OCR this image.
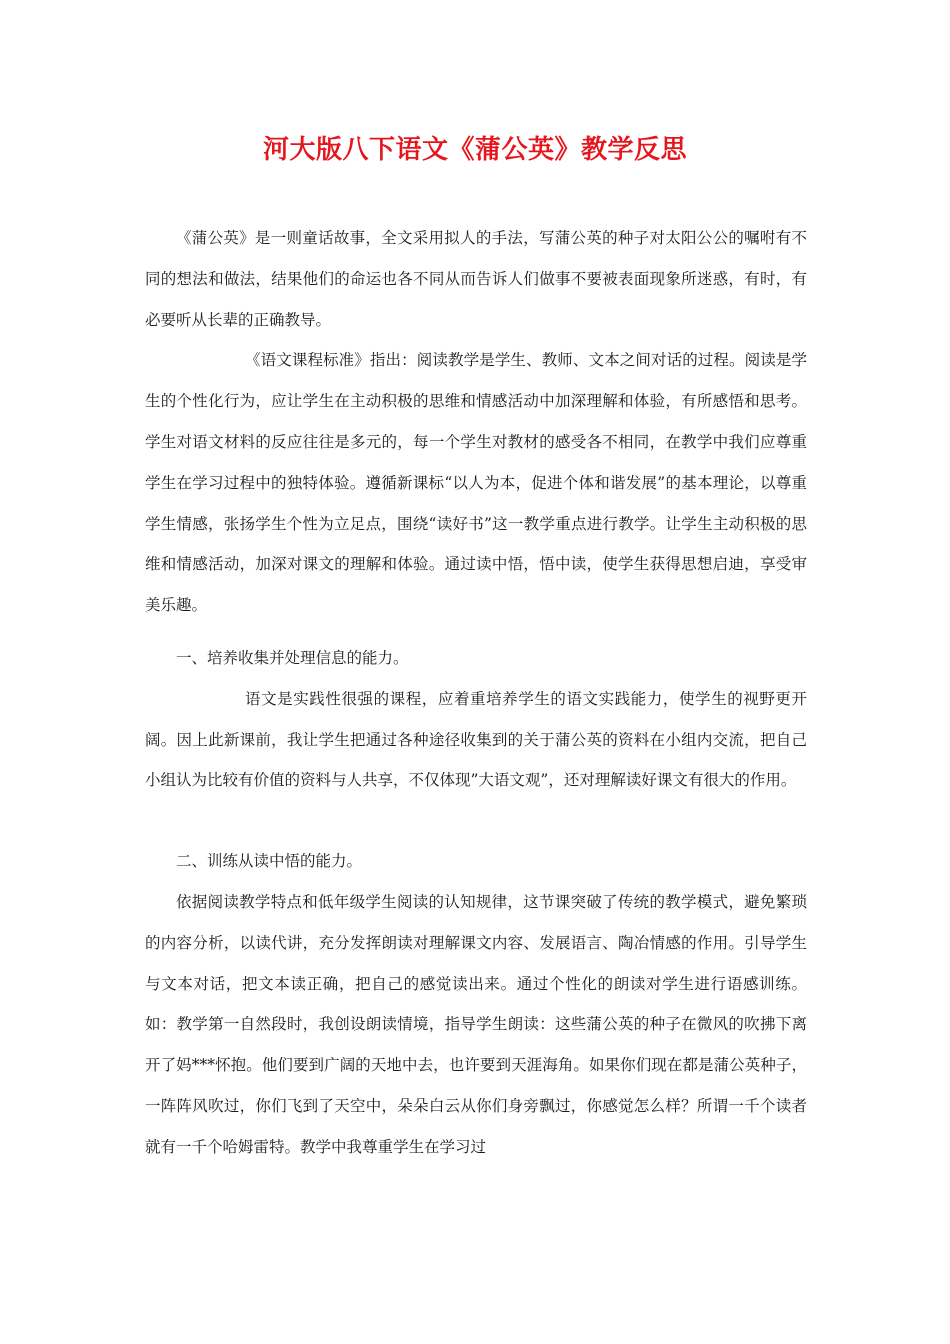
河大版八下语文《蒲公英》教学反思

《蒲公英》是一则童话故事，全文采用拟人的手法，写蒲公英的种子对太阳公公的嘱咐有不同的想法和做法，结果他们的命运也各不同从而告诉人们做事不要被表面现象所迷惑，有时，有必要听从长辈的正确教导。

《语文课程标准》指出：阅读教学是学生、教师、文本之间对话的过程。阅读是学生的个性化行为，应让学生在主动积极的思维和情感活动中加深理解和体验，有所感悟和思考。学生对语文材料的反应往往是多元的，每一个学生对教材的感受各不相同，在教学中我们应尊重学生在学习过程中的独特体验。遵循新课标“以人为本，促进个体和谐发展”的基本理论，以尊重学生情感，张扬学生个性为立足点，围绕“读好书”这一教学重点进行教学。让学生主动积极的思维和情感活动，加深对课文的理解和体验。通过读中悟，悟中读，使学生获得思想启迪，享受审美乐趣。

一、培养收集并处理信息的能力。

语文是实践性很强的课程，应着重培养学生的语文实践能力，使学生的视野更开阔。因上此新课前，我让学生把通过各种途径收集到的关于蒲公英的资料在小组内交流，把自己小组认为比较有价值的资料与人共享，不仅体现”大语文观”，还对理解读好课文有很大的作用。

二、训练从读中悟的能力。

依据阅读教学特点和低年级学生阅读的认知规律，这节课突破了传统的教学模式，避免繁琐的内容分析，以读代讲，充分发挥朗读对理解课文内容、发展语言、陶冶情感的作用。引导学生与文本对话，把文本读正确，把自己的感觉读出来。通过个性化的朗读对学生进行语感训练。如：教学第一自然段时，我创设朗读情境，指导学生朗读：这些蒲公英的种子在微风的吹拂下离开了妈***怀抱。他们要到广阔的天地中去，也许要到天涯海角。如果你们现在都是蒲公英种子，一阵阵风吹过，你们飞到了天空中，朵朵白云从你们身旁飘过，你感觉怎么样？所谓一千个读者就有一千个哈姆雷特。教学中我尊重学生在学习过
